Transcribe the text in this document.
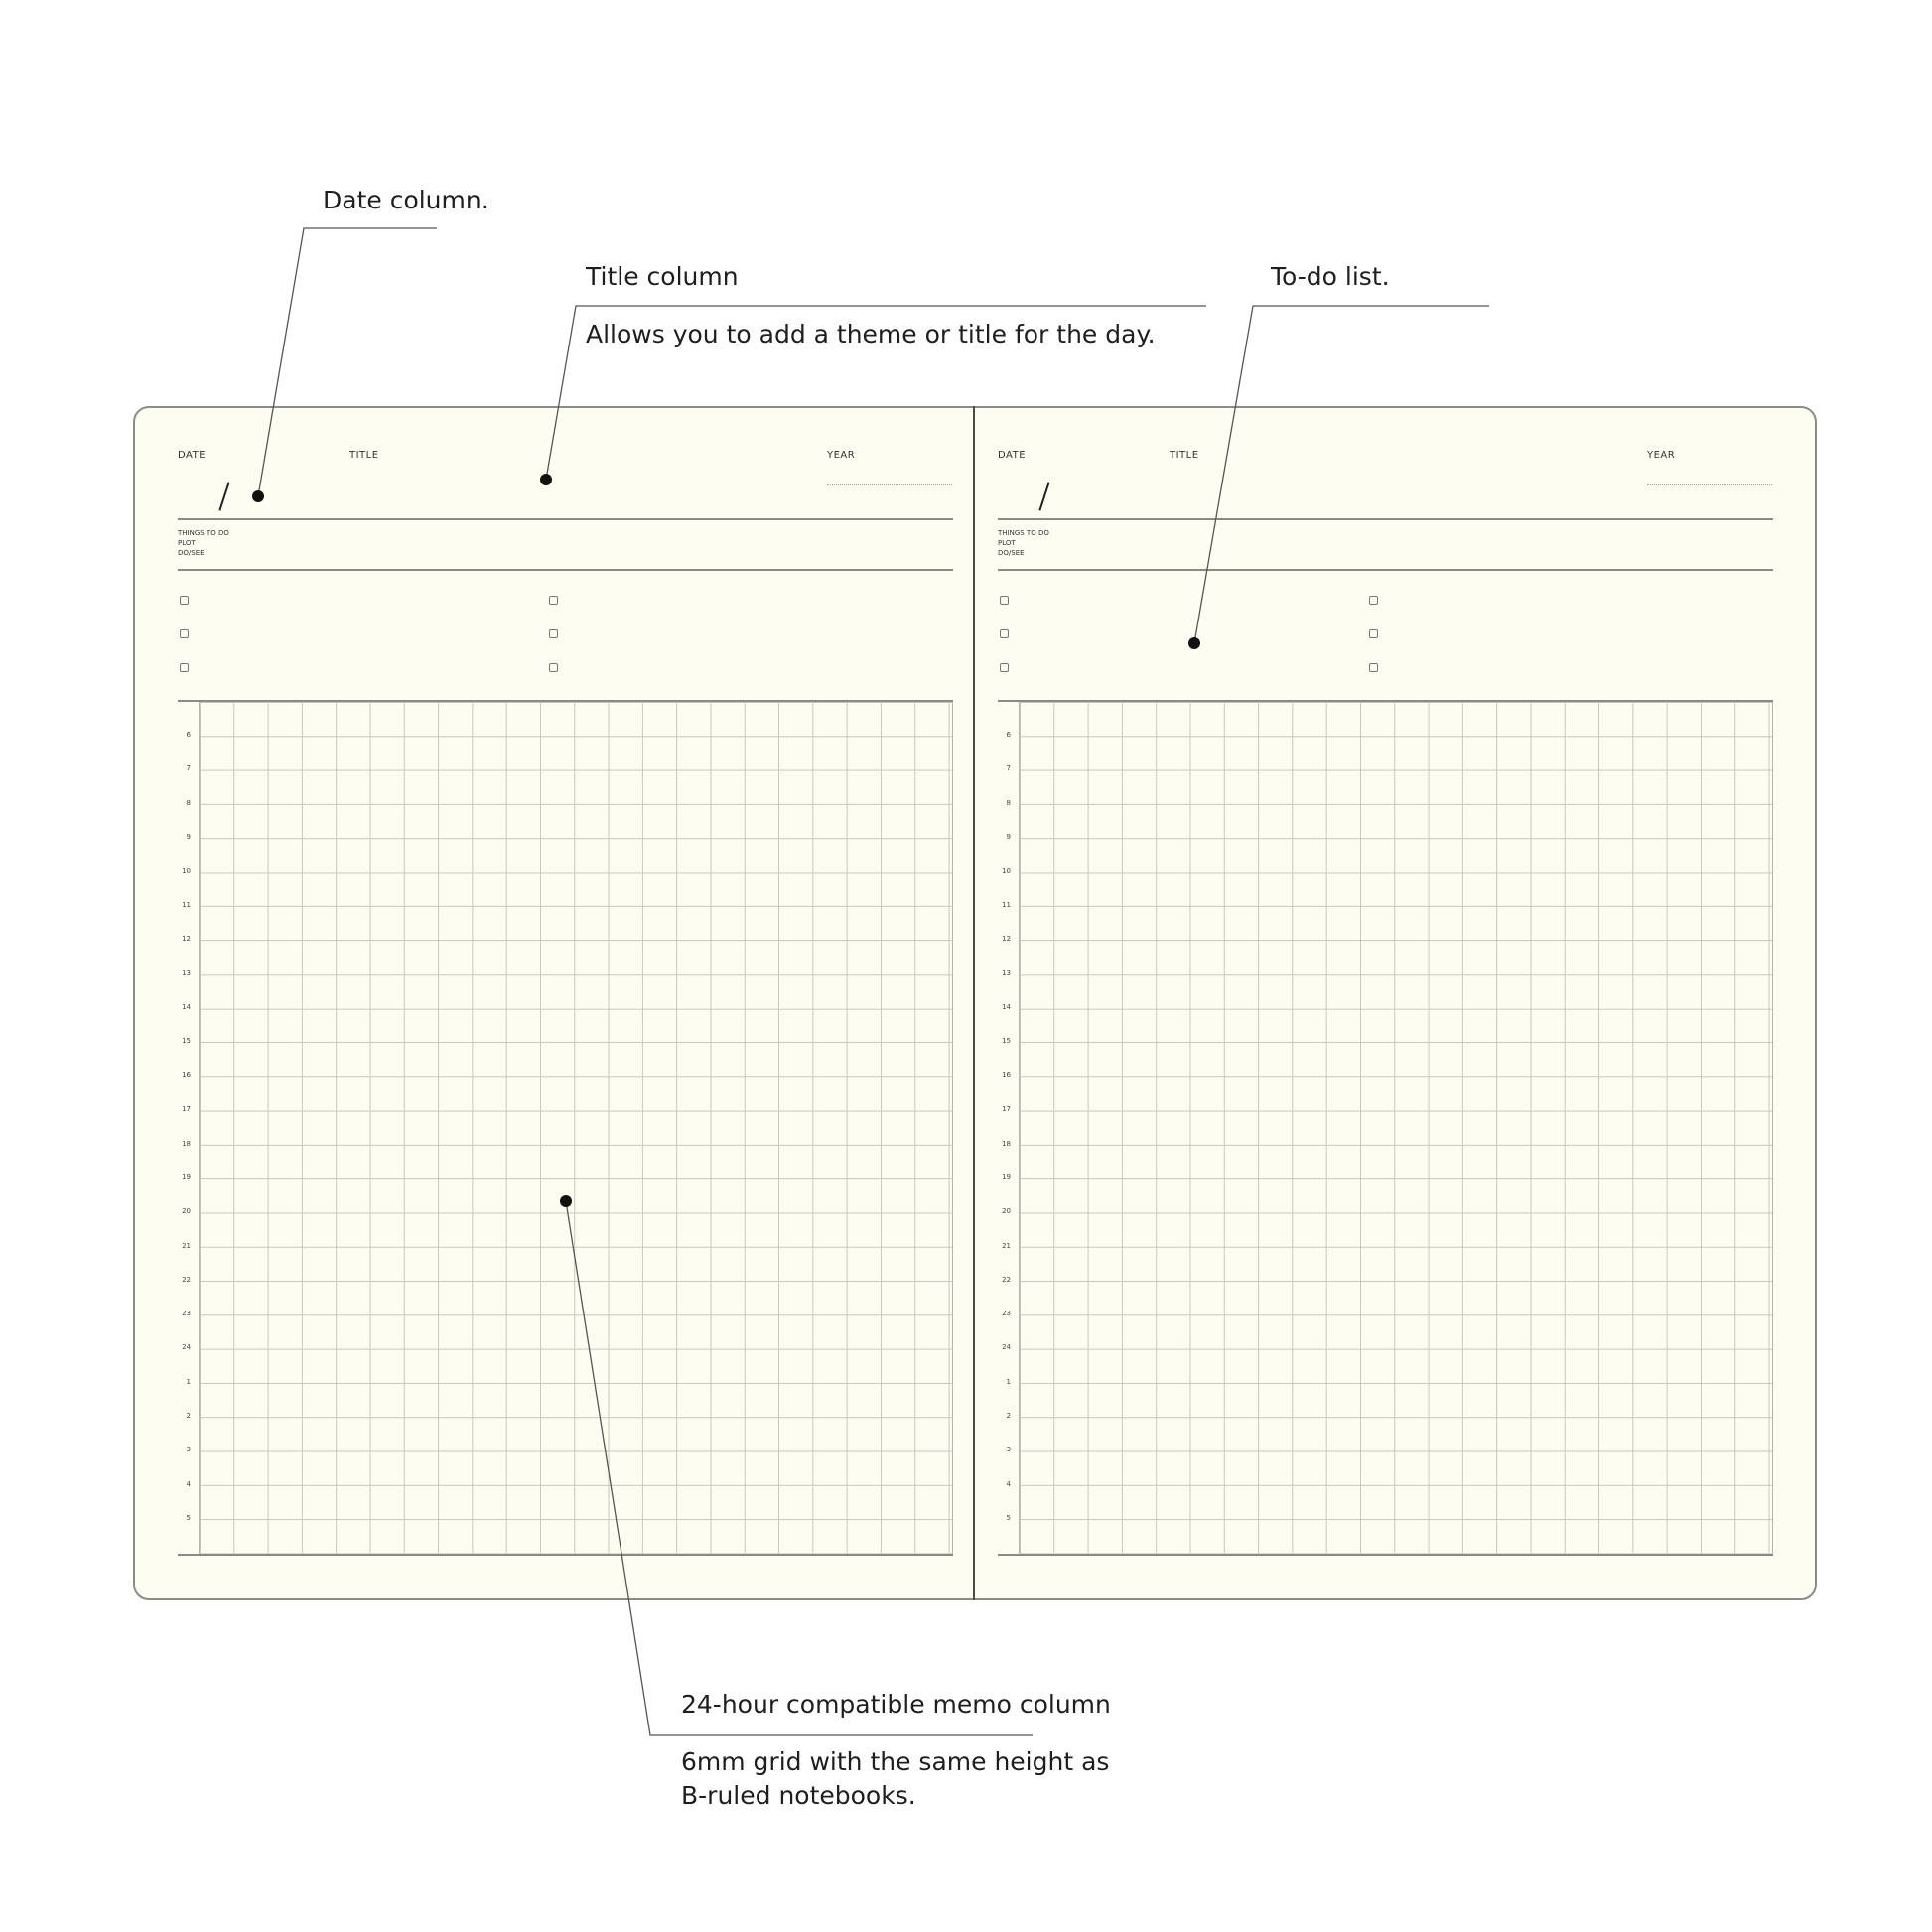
Date column.
Title column
Allows you to add a theme or title for the day.
To-do list.
24-hour compatible memo column
6mm grid with the same height as B-ruled notebooks.
DATE	TITLE	YEAR
THINGS TO DO
PLOT
DO/SEE
6
7
8
9
10
11
12
13
14
15
16
17
18
19
20
21
22
23
24
1
2
3
4
5
DATE	TITLE	YEAR
THINGS TO DO
PLOT
DO/SEE
6
7
8
9
10
11
12
13
14
15
16
17
18
19
20
21
22
23
24
1
2
3
4
5
